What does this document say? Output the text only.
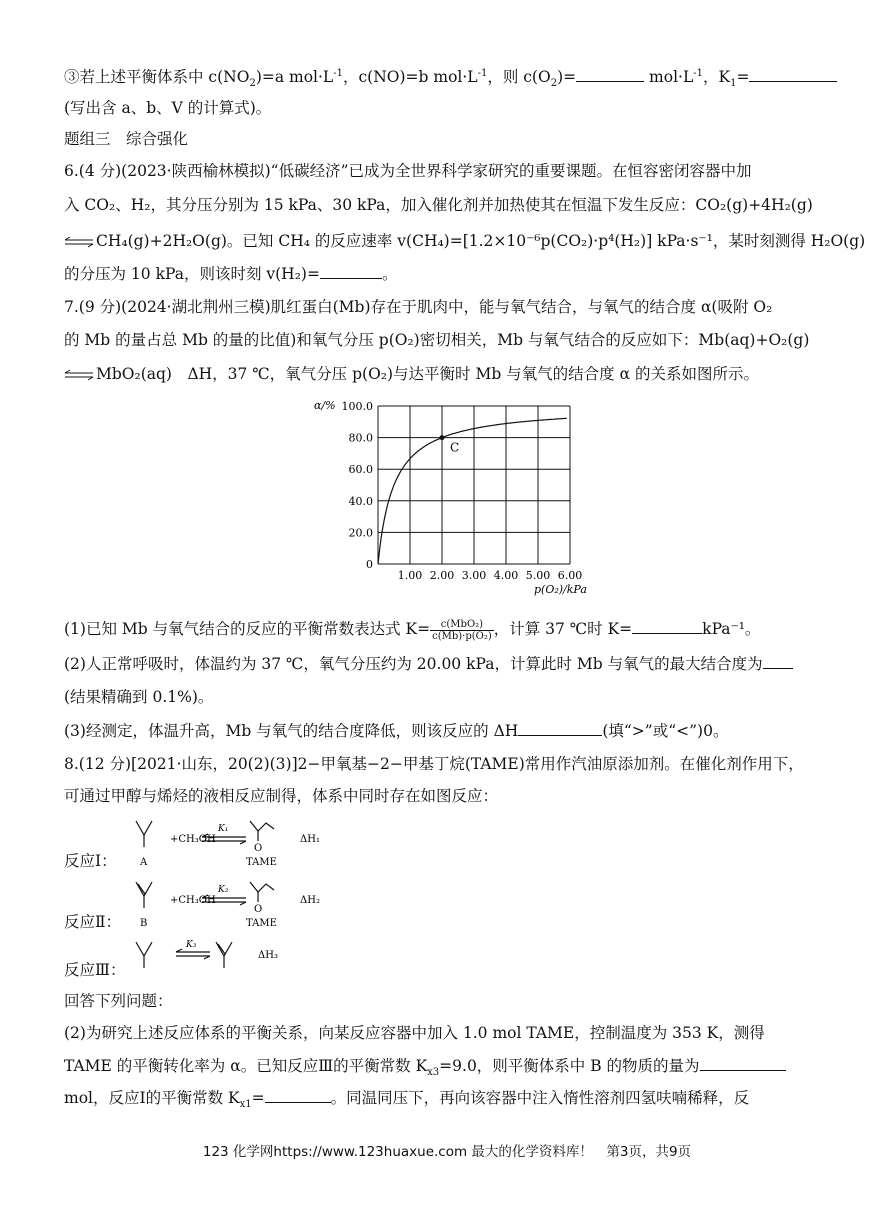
③若上述平衡体系中 $c(NO_2)=a$ $mol\cdot L^{-1}$，c(NO)=b $mol\cdot L^{-1}$，则 $c(O_2)=$	$mol\cdot L^{-1}$，$K_1=$
(写出含 a、b、V 的计算式)。
题组三　综合强化
6.(4 分)(2023·陕西榆林模拟)“低碳经济”已成为全世界科学家研究的重要课题。在恒容密闭容器中加
入 CO₂、H₂，其分压分别为 15 kPa、30 kPa，加入催化剂并加热使其在恒温下发生反应：CO₂(g)+4H₂(g)
⇌ CH₄(g)+2H₂O(g)。已知 CH₄ 的反应速率 v(CH₄)=[1.2×10⁻⁶p(CO₂)·p⁴(H₂)] kPa·s⁻¹，某时刻测得 H₂O(g)
的分压为 10 kPa，则该时刻 v(H₂)=	。
7.(9 分)(2024·湖北荆州三模)肌红蛋白(Mb)存在于肌肉中，能与氧气结合，与氧气的结合度 α(吸附 O₂
的 Mb 的量占总 Mb 的量的比值)和氧气分压 p(O₂)密切相关，Mb 与氧气结合的反应如下：Mb(aq)+O₂(g)
⇌ MbO₂(aq)　ΔH，37 ℃，氧气分压 p(O₂)与达平衡时 Mb 与氧气的结合度 α 的关系如图所示。
0
20.0
40.0
60.0
80.0
100.0
1.00 2.00 3.00 4.00 5.00 6.00
C
α/%
p(O₂)/kPa
(1)已知 Mb 与氧气结合的反应的平衡常数表达式 $K= \frac{\text{c(MbO₂)}}{\text{c(Mb)·p(O₂)}}$ ，计算 37 ℃时 K=	kPa⁻¹。
(2)人正常呼吸时，体温约为 37 ℃，氧气分压约为 20.00 kPa，计算此时 Mb 与氧气的最大结合度为
(结果精确到 0.1%)。
(3)经测定，体温升高，Mb 与氧气的结合度降低，则该反应的 ΔH	(填“>”或“<”)0。
8.(12 分)[2021·山东，20(2)(3)]2−甲氧基−2−甲基丁烷(TAME)常用作汽油原添加剂。在催化剂作用下，
可通过甲醇与烯烃的液相反应制得，体系中同时存在如图反应：
反应Ⅰ：
+CH₃OH
K₁
O
ΔH₁
A	TAME
反应Ⅱ：
+CH₃OH
K₂
O
ΔH₂
B	TAME
反应Ⅲ：
K₃
ΔH₃
回答下列问题：
(2)为研究上述反应体系的平衡关系，向某反应容器中加入 1.0 mol TAME，控制温度为 353 K，测得
TAME 的平衡转化率为 α。已知反应Ⅲ的平衡常数 $K_{x3}=9.0$，则平衡体系中 B 的物质的量为
mol，反应Ⅰ的平衡常数 $K_{x1}=$	。同温同压下，再向该容器中注入惰性溶剂四氢呋喃稀释，反
123 化学网https://www.123huaxue.com 最大的化学资料库！　第3页，共9页
